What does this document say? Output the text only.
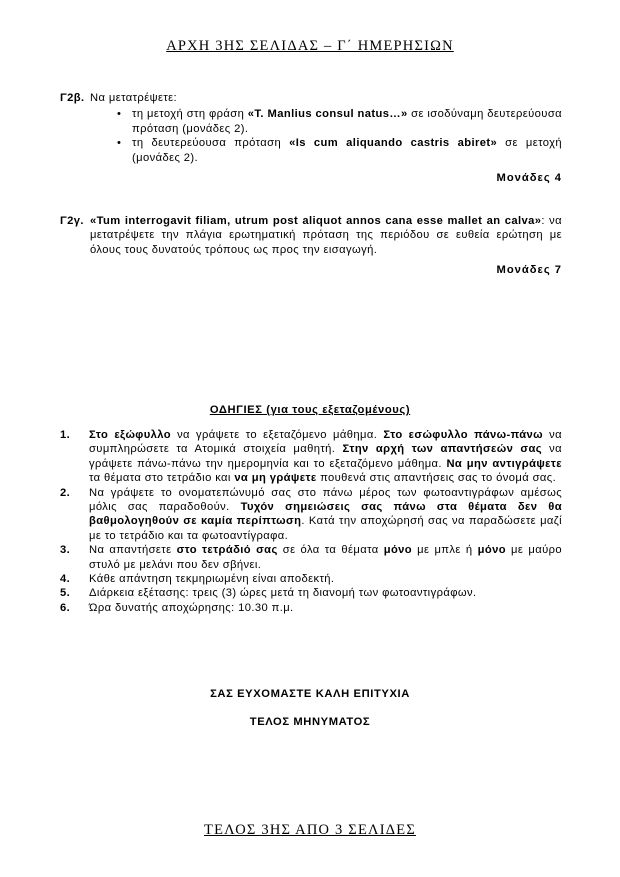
ΑΡΧΗ 3ΗΣ ΣΕΛΙΔΑΣ – Γ΄ ΗΜΕΡΗΣΙΩΝ
Γ2β. Να μετατρέψετε:
• τη μετοχή στη φράση «T. Manlius consul natus…» σε ισοδύναμη δευτερεύουσα πρόταση (μονάδες 2).
• τη δευτερεύουσα πρόταση «Is cum aliquando castris abiret» σε μετοχή (μονάδες 2).
Μονάδες 4
Γ2γ. «Tum interrogavit filiam, utrum post aliquot annos cana esse mallet an calva»: να μετατρέψετε την πλάγια ερωτηματική πρόταση της περιόδου σε ευθεία ερώτηση με όλους τους δυνατούς τρόπους ως προς την εισαγωγή.
Μονάδες 7
ΟΔΗΓΙΕΣ (για τους εξεταζομένους)
1. Στο εξώφυλλο να γράψετε το εξεταζόμενο μάθημα. Στο εσώφυλλο πάνω-πάνω να συμπληρώσετε τα Ατομικά στοιχεία μαθητή. Στην αρχή των απαντήσεών σας να γράψετε πάνω-πάνω την ημερομηνία και το εξεταζόμενο μάθημα. Να μην αντιγράψετε τα θέματα στο τετράδιο και να μη γράψετε πουθενά στις απαντήσεις σας το όνομά σας.
2. Να γράψετε το ονοματεπώνυμό σας στο πάνω μέρος των φωτοαντιγράφων αμέσως μόλις σας παραδοθούν. Τυχόν σημειώσεις σας πάνω στα θέματα δεν θα βαθμολογηθούν σε καμία περίπτωση. Κατά την αποχώρησή σας να παραδώσετε μαζί με το τετράδιο και τα φωτοαντίγραφα.
3. Να απαντήσετε στο τετράδιό σας σε όλα τα θέματα μόνο με μπλε ή μόνο με μαύρο στυλό με μελάνι που δεν σβήνει.
4. Κάθε απάντηση τεκμηριωμένη είναι αποδεκτή.
5. Διάρκεια εξέτασης: τρεις (3) ώρες μετά τη διανομή των φωτοαντιγράφων.
6. Ώρα δυνατής αποχώρησης: 10.30 π.μ.
ΣΑΣ ΕΥΧΟΜΑΣΤΕ ΚΑΛΗ ΕΠΙΤΥΧΙΑ
ΤΕΛΟΣ ΜΗΝΥΜΑΤΟΣ
ΤΕΛΟΣ 3ΗΣ ΑΠΟ 3 ΣΕΛΙΔΕΣ
